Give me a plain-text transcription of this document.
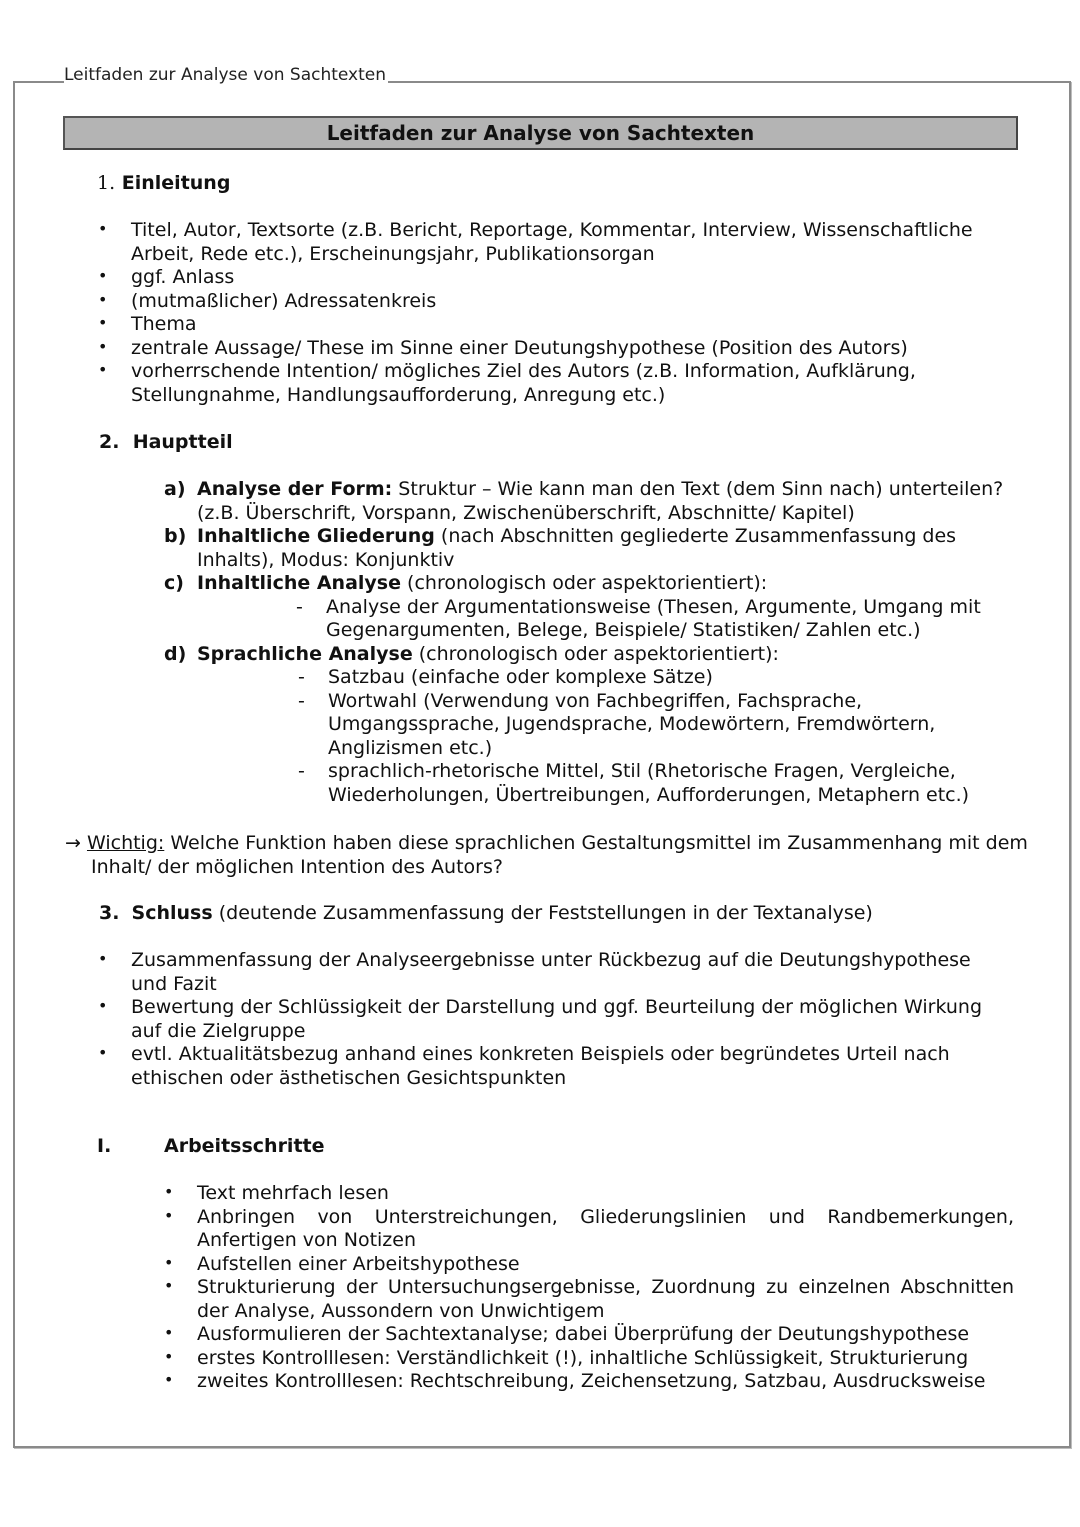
Leitfaden zur Analyse von Sachtexten
Leitfaden zur Analyse von Sachtexten
1. Einleitung
• Titel, Autor, Textsorte (z.B. Bericht, Reportage, Kommentar, Interview, Wissenschaftliche Arbeit, Rede etc.), Erscheinungsjahr, Publikationsorgan
• ggf. Anlass
• (mutmaßlicher) Adressatenkreis
• Thema
• zentrale Aussage/ These im Sinne einer Deutungshypothese (Position des Autors)
• vorherrschende Intention/ mögliches Ziel des Autors (z.B. Information, Aufklärung, Stellungnahme, Handlungsaufforderung, Anregung etc.)
2. Hauptteil
a) Analyse der Form: Struktur – Wie kann man den Text (dem Sinn nach) unterteilen? (z.B. Überschrift, Vorspann, Zwischenüberschrift, Abschnitte/ Kapitel)
b) Inhaltliche Gliederung (nach Abschnitten gegliederte Zusammenfassung des Inhalts), Modus: Konjunktiv
c) Inhaltliche Analyse (chronologisch oder aspektorientiert):
- Analyse der Argumentationsweise (Thesen, Argumente, Umgang mit Gegenargumenten, Belege, Beispiele/ Statistiken/ Zahlen etc.)
d) Sprachliche Analyse (chronologisch oder aspektorientiert):
- Satzbau (einfache oder komplexe Sätze)
- Wortwahl (Verwendung von Fachbegriffen, Fachsprache, Umgangssprache, Jugendsprache, Modewörtern, Fremdwörtern, Anglizismen etc.)
- sprachlich-rhetorische Mittel, Stil (Rhetorische Fragen, Vergleiche, Wiederholungen, Übertreibungen, Aufforderungen, Metaphern etc.)
→ Wichtig: Welche Funktion haben diese sprachlichen Gestaltungsmittel im Zusammenhang mit dem Inhalt/ der möglichen Intention des Autors?
3. Schluss (deutende Zusammenfassung der Feststellungen in der Textanalyse)
• Zusammenfassung der Analyseergebnisse unter Rückbezug auf die Deutungshypothese und Fazit
• Bewertung der Schlüssigkeit der Darstellung und ggf. Beurteilung der möglichen Wirkung auf die Zielgruppe
• evtl. Aktualitätsbezug anhand eines konkreten Beispiels oder begründetes Urteil nach ethischen oder ästhetischen Gesichtspunkten
I.	Arbeitsschritte
• Text mehrfach lesen
• Anbringen von Unterstreichungen, Gliederungslinien und Randbemerkungen, Anfertigen von Notizen
• Aufstellen einer Arbeitshypothese
• Strukturierung der Untersuchungsergebnisse, Zuordnung zu einzelnen Abschnitten der Analyse, Aussondern von Unwichtigem
• Ausformulieren der Sachtextanalyse; dabei Überprüfung der Deutungshypothese
• erstes Kontrolllesen: Verständlichkeit (!), inhaltliche Schlüssigkeit, Strukturierung
• zweites Kontrolllesen: Rechtschreibung, Zeichensetzung, Satzbau, Ausdrucksweise
